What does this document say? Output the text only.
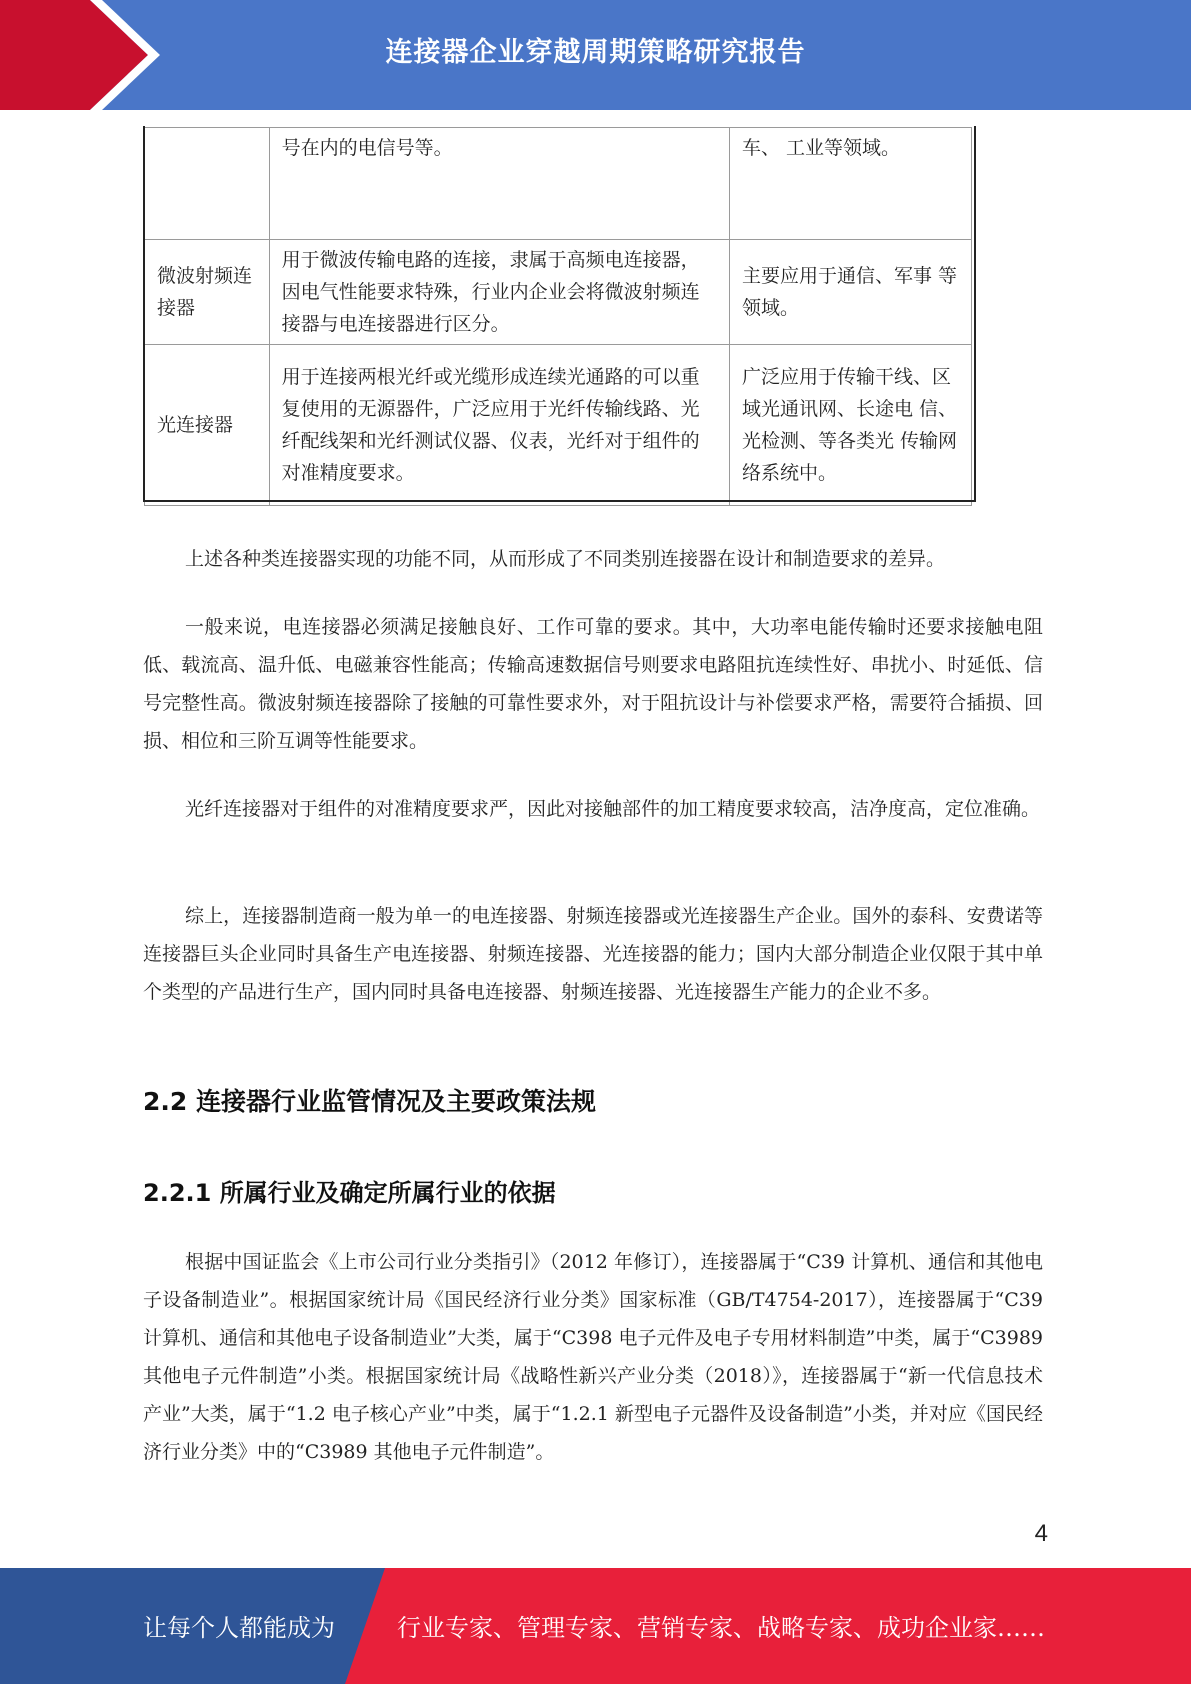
连接器企业穿越周期策略研究报告
	号在内的电信号等。	车、 工业等领域。
微波射频连接器	用于微波传输电路的连接，隶属于高频电连接器，因电气性能要求特殊，行业内企业会将微波射频连接器与电连接器进行区分。	主要应用于通信、军事 等领域。
光连接器	用于连接两根光纤或光缆形成连续光通路的可以重复使用的无源器件，广泛应用于光纤传输线路、光纤配线架和光纤测试仪器、仪表，光纤对于组件的对准精度要求。	广泛应用于传输干线、区域光通讯网、长途电 信、光检测、等各类光 传输网络系统中。

上述各种类连接器实现的功能不同，从而形成了不同类别连接器在设计和制造要求的差异。

一般来说，电连接器必须满足接触良好、工作可靠的要求。其中，大功率电能传输时还要求接触电阻低、载流高、温升低、电磁兼容性能高；传输高速数据信号则要求电路阻抗连续性好、串扰小、时延低、信号完整性高。微波射频连接器除了接触的可靠性要求外，对于阻抗设计与补偿要求严格，需要符合插损、回损、相位和三阶互调等性能要求。

光纤连接器对于组件的对准精度要求严，因此对接触部件的加工精度要求较高，洁净度高，定位准确。

综上，连接器制造商一般为单一的电连接器、射频连接器或光连接器生产企业。国外的泰科、安费诺等连接器巨头企业同时具备生产电连接器、射频连接器、光连接器的能力；国内大部分制造企业仅限于其中单个类型的产品进行生产，国内同时具备电连接器、射频连接器、光连接器生产能力的企业不多。

2.2 连接器行业监管情况及主要政策法规
2.2.1 所属行业及确定所属行业的依据

根据中国证监会《上市公司行业分类指引》（2012 年修订），连接器属于“C39 计算机、通信和其他电子设备制造业”。根据国家统计局《国民经济行业分类》国家标准（GB/T4754-2017），连接器属于“C39 计算机、通信和其他电子设备制造业”大类，属于“C398 电子元件及电子专用材料制造”中类，属于“C3989 其他电子元件制造”小类。根据国家统计局《战略性新兴产业分类（2018）》，连接器属于“新一代信息技术产业”大类，属于“1.2 电子核心产业”中类，属于“1.2.1 新型电子元器件及设备制造”小类，并对应《国民经济行业分类》中的“C3989 其他电子元件制造”。

4
让每个人都能成为	行业专家、管理专家、营销专家、战略专家、成功企业家……
